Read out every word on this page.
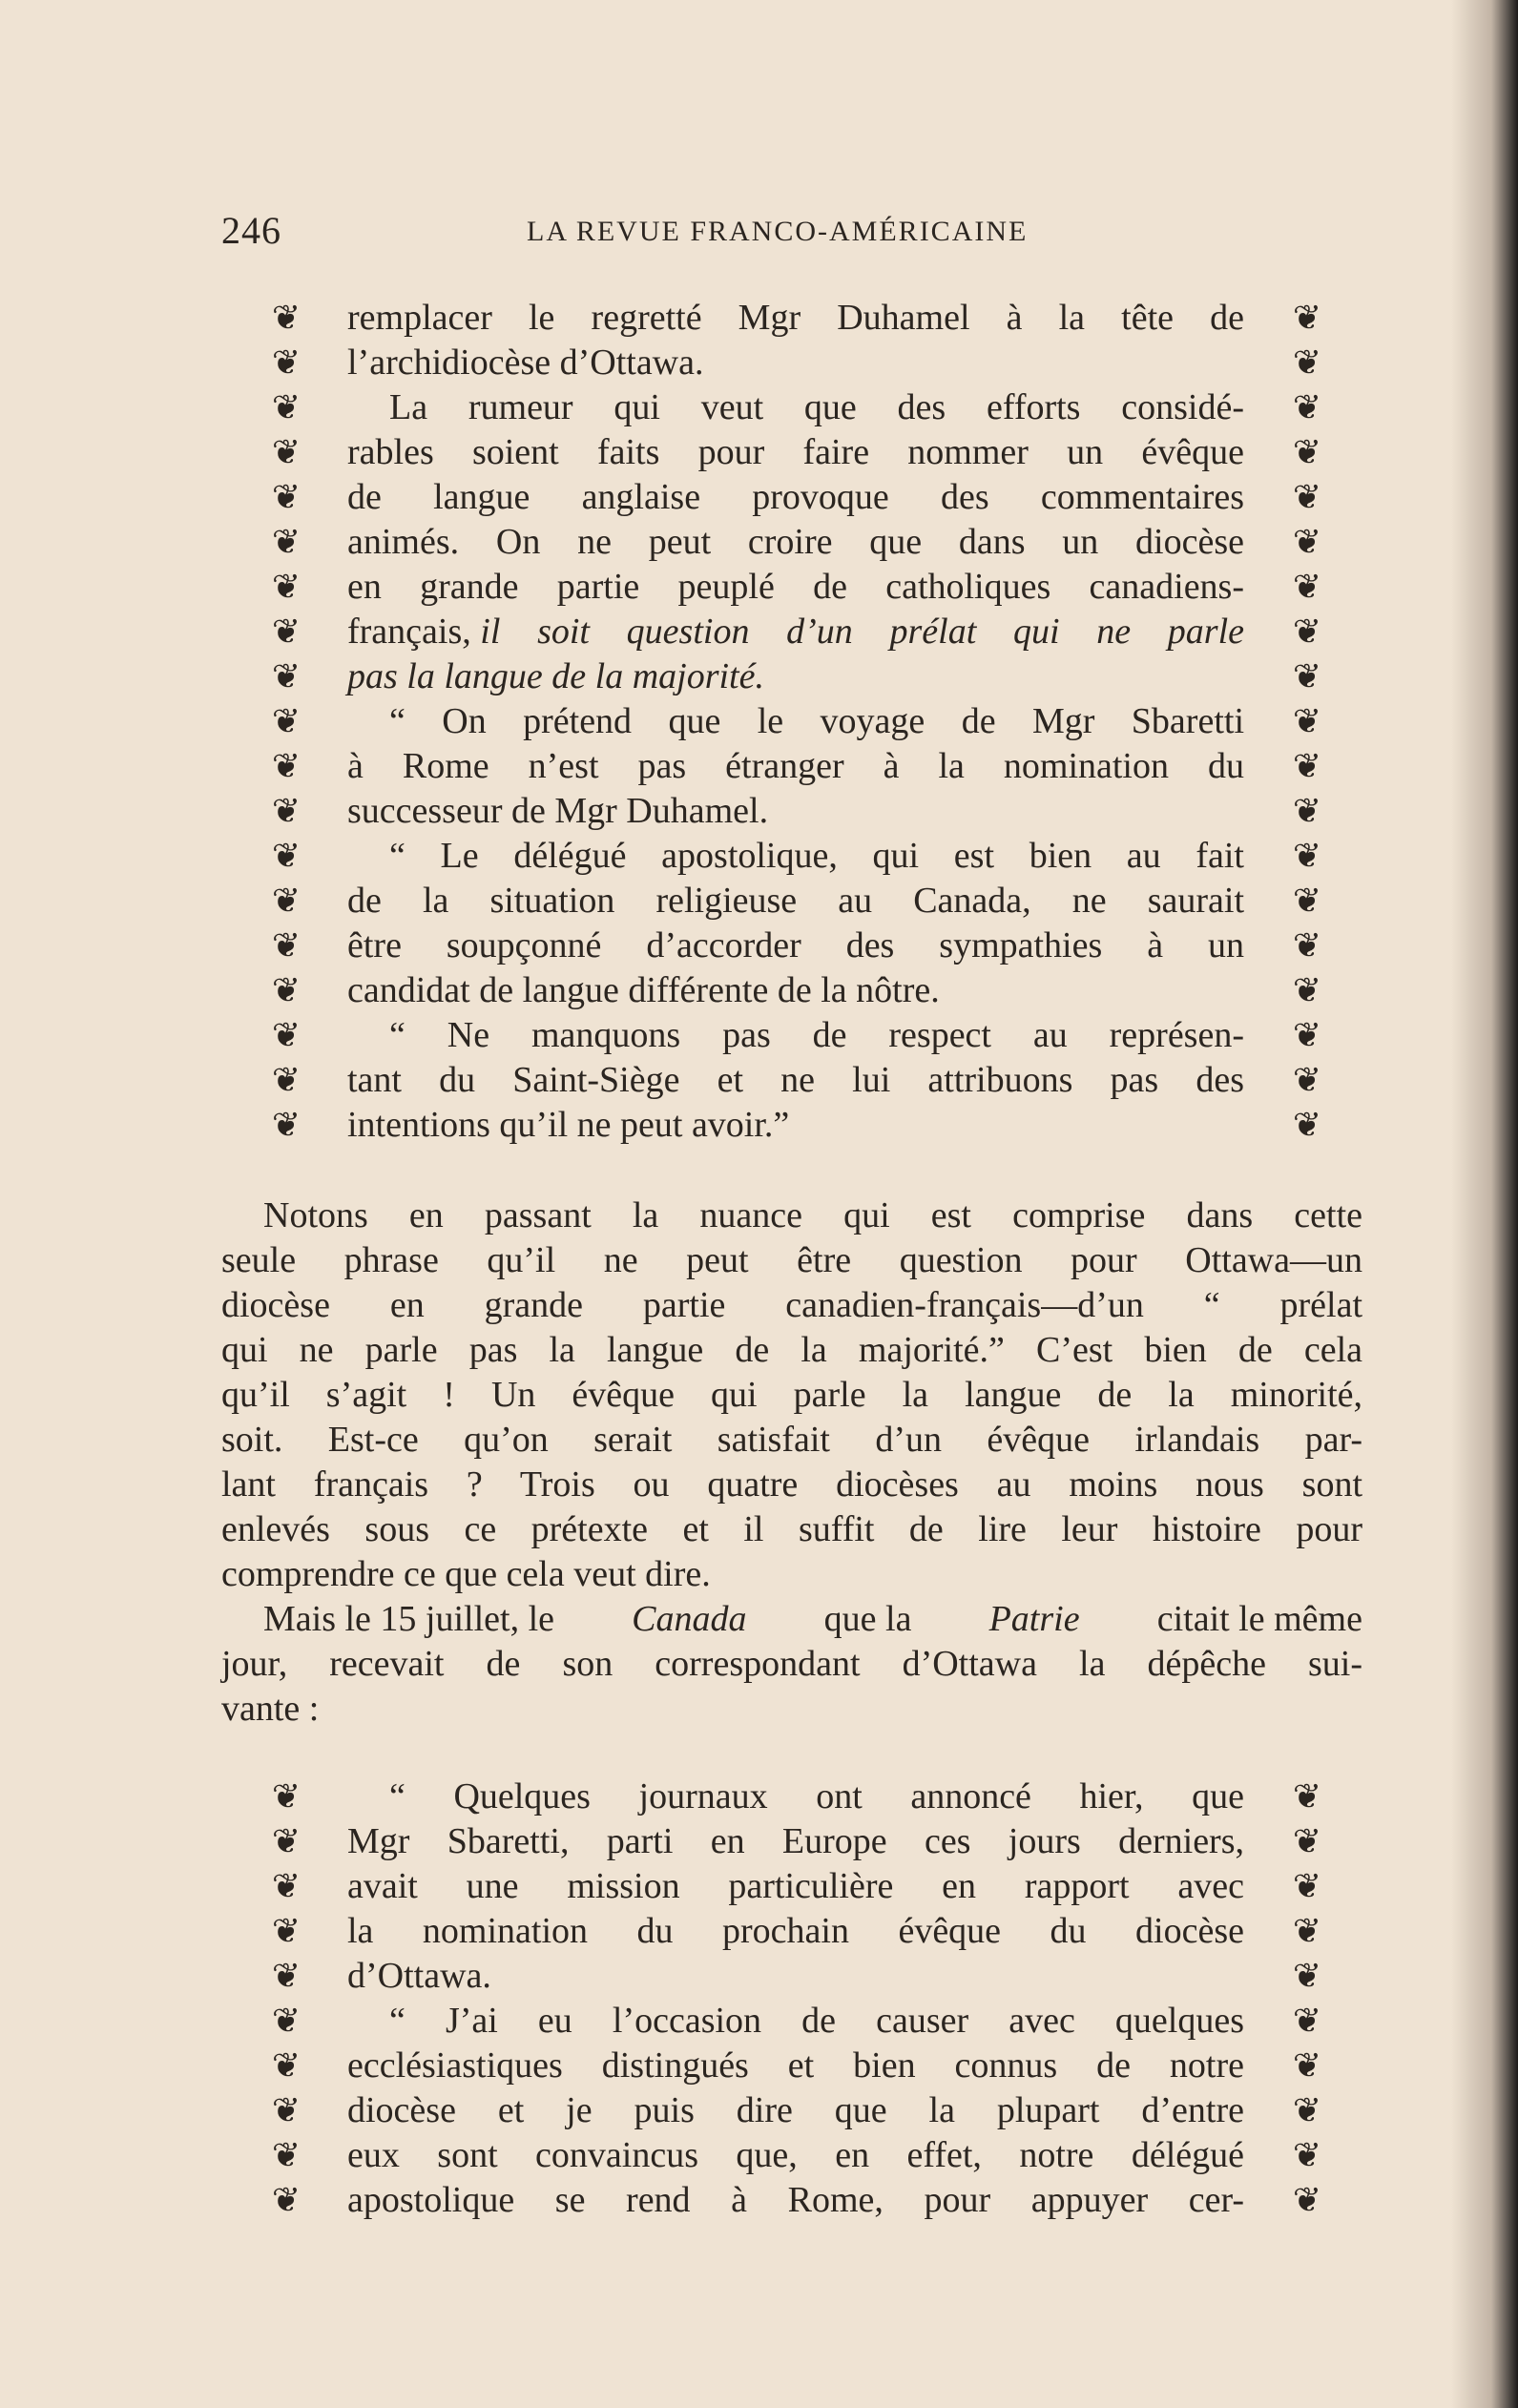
246	LA REVUE FRANCO-AMÉRICAINE
❦ remplacer le regretté Mgr Duhamel à la tête de ❦
❦ l’archidiocèse d’Ottawa.	❦
❦	La rumeur qui veut que des efforts considé- ❦
❦ rables soient faits pour faire nommer un évêque ❦
❦ de langue anglaise provoque des commentaires ❦
❦ animés. On ne peut croire que dans un diocèse ❦
❦ en grande partie peuplé de catholiques canadiens- ❦
❦ français, il soit question d’un prélat qui ne parle ❦
❦ pas la langue de la majorité.	❦
❦	“ On prétend que le voyage de Mgr Sbaretti ❦
❦ à Rome n’est pas étranger à la nomination du ❦
❦ successeur de Mgr Duhamel.	❦
❦	“ Le délégué apostolique, qui est bien au fait ❦
❦ de la situation religieuse au Canada, ne saurait ❦
❦ être soupçonné d’accorder des sympathies à un ❦
❦ candidat de langue différente de la nôtre.	❦
❦	“ Ne manquons pas de respect au représen- ❦
❦ tant du Saint-Siège et ne lui attribuons pas des ❦
❦ intentions qu’il ne peut avoir.”	❦
Notons en passant la nuance qui est comprise dans cette
seule phrase qu’il ne peut être question pour Ottawa—un
diocèse en grande partie canadien-français—d’un “ prélat
qui ne parle pas la langue de la majorité.” C’est bien de cela
qu’il s’agit ! Un évêque qui parle la langue de la minorité,
soit. Est-ce qu’on serait satisfait d’un évêque irlandais par-
lant français ? Trois ou quatre diocèses au moins nous sont
enlevés sous ce prétexte et il suffit de lire leur histoire pour
comprendre ce que cela veut dire.
Mais le 15 juillet, le Canada que la Patrie citait le même
jour, recevait de son correspondant d’Ottawa la dépêche sui-
vante :
❦	“ Quelques journaux ont annoncé hier, que ❦
❦ Mgr Sbaretti, parti en Europe ces jours derniers, ❦
❦ avait une mission particulière en rapport avec ❦
❦ la nomination du prochain évêque du diocèse ❦
❦ d’Ottawa.	❦
❦	“ J’ai eu l’occasion de causer avec quelques ❦
❦ ecclésiastiques distingués et bien connus de notre ❦
❦ diocèse et je puis dire que la plupart d’entre ❦
❦ eux sont convaincus que, en effet, notre délégué ❦
❦ apostolique se rend à Rome, pour appuyer cer- ❦
